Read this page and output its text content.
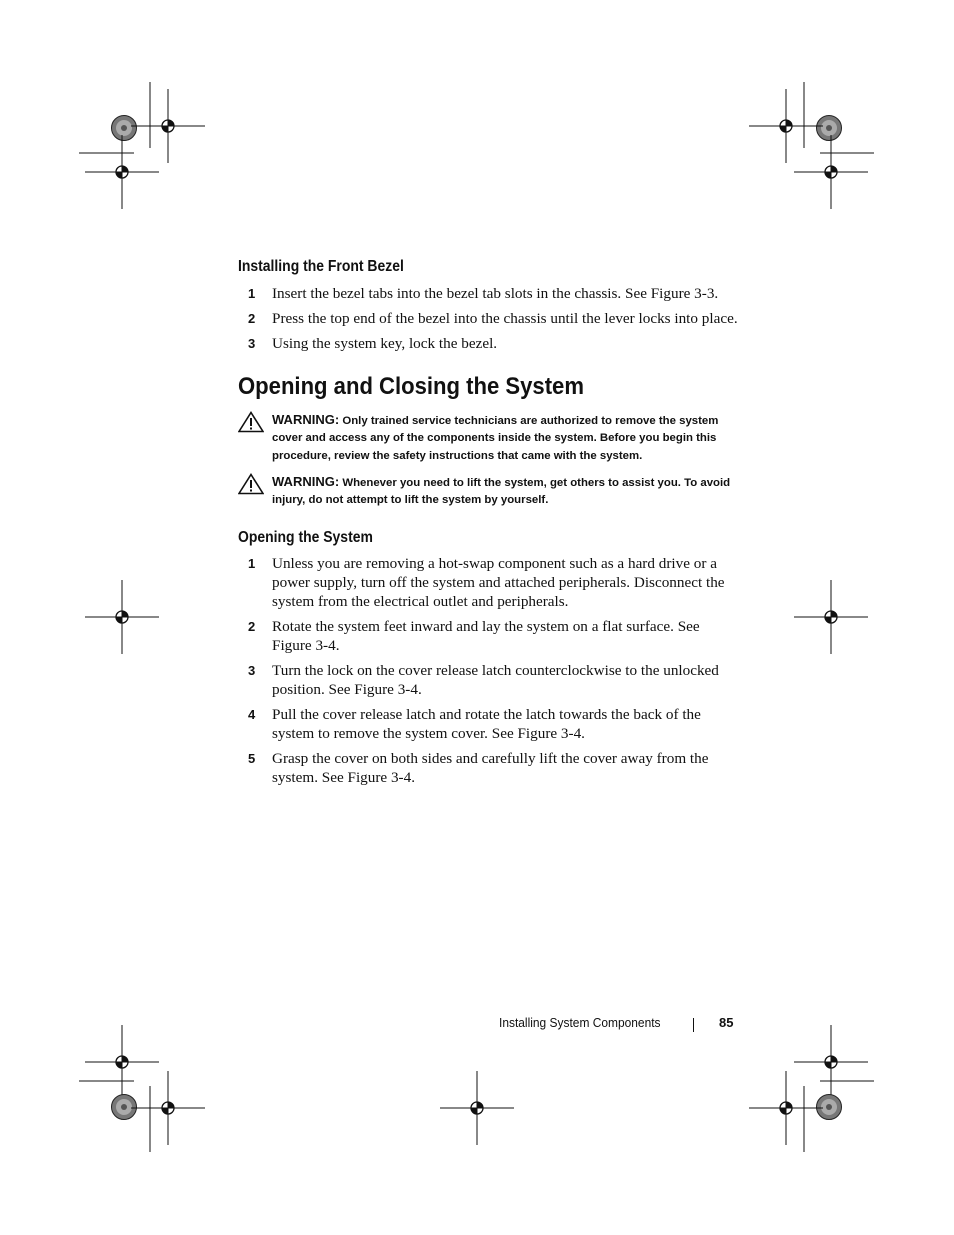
Installing the Front Bezel
1 Insert the bezel tabs into the bezel tab slots in the chassis. See Figure 3-3.
2 Press the top end of the bezel into the chassis until the lever locks into place.
3 Using the system key, lock the bezel.
Opening and Closing the System
WARNING: Only trained service technicians are authorized to remove the system cover and access any of the components inside the system. Before you begin this procedure, review the safety instructions that came with the system.
WARNING: Whenever you need to lift the system, get others to assist you. To avoid injury, do not attempt to lift the system by yourself.
Opening the System
1 Unless you are removing a hot-swap component such as a hard drive or a power supply, turn off the system and attached peripherals. Disconnect the system from the electrical outlet and peripherals.
2 Rotate the system feet inward and lay the system on a flat surface. See Figure 3-4.
3 Turn the lock on the cover release latch counterclockwise to the unlocked position. See Figure 3-4.
4 Pull the cover release latch and rotate the latch towards the back of the system to remove the system cover. See Figure 3-4.
5 Grasp the cover on both sides and carefully lift the cover away from the system. See Figure 3-4.
Installing System Components	85
